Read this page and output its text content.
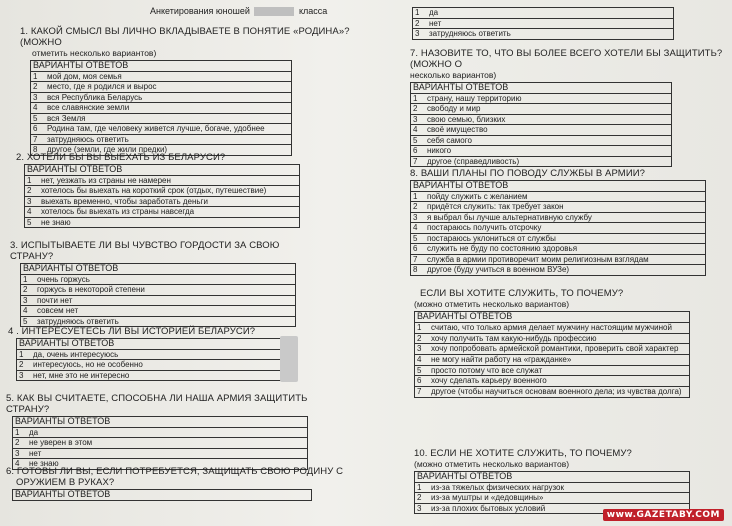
Анкетирования юношей	класса
1. КАКОЙ СМЫСЛ ВЫ ЛИЧНО ВКЛАДЫВАЕТЕ В ПОНЯТИЕ «РОДИНА»? (МОЖНО
отметить несколько вариантов)
ВАРИАНТЫ ОТВЕТОВ	
1	мой дом, моя семья
2	место, где я родился и вырос
3	вся Республика Беларусь
4	все славянские земли
5	вся Земля
6	Родина там, где человеку живется лучше, богаче, удобнее
7	затрудняюсь ответить
8	другое (земли, где жили предки)
2. ХОТЕЛИ БЫ ВЫ ВЫЕХАТЬ ИЗ БЕЛАРУСИ?
ВАРИАНТЫ ОТВЕТОВ	
1	нет, уезжать из страны не намерен
2	хотелось бы выехать на короткий срок (отдых, путешествие)
3	выехать временно, чтобы заработать деньги
4	хотелось бы выехать из страны навсегда
5	не знаю
3. ИСПЫТЫВАЕТЕ ЛИ ВЫ ЧУВСТВО ГОРДОСТИ ЗА СВОЮ СТРАНУ?
ВАРИАНТЫ ОТВЕТОВ	
1	очень горжусь
2	горжусь в некоторой степени
3	почти нет
4	совсем нет
5	затрудняюсь ответить
4 . ИНТЕРЕСУЕТЕСЬ ЛИ ВЫ ИСТОРИЕЙ БЕЛАРУСИ?
ВАРИАНТЫ ОТВЕТОВ	
1	да, очень интересуюсь
2	интересуюсь, но не особенно
3	нет, мне это не интересно
5. КАК ВЫ СЧИТАЕТЕ, СПОСОБНА ЛИ НАША АРМИЯ ЗАЩИТИТЬ СТРАНУ?
ВАРИАНТЫ ОТВЕТОВ	
1	да
2	не уверен в этом
3	нет
4	не знаю
6. ГОТОВЫ ЛИ ВЫ, ЕСЛИ ПОТРЕБУЕТСЯ, ЗАЩИЩАТЬ СВОЮ РОДИНУ С
ОРУЖИЕМ В РУКАХ?
ВАРИАНТЫ ОТВЕТОВ
1	да
2	нет
3	затрудняюсь ответить
7. НАЗОВИТЕ ТО, ЧТО ВЫ БОЛЕЕ ВСЕГО ХОТЕЛИ БЫ ЗАЩИТИТЬ?(МОЖНО О
несколько вариантов)
ВАРИАНТЫ ОТВЕТОВ	
1	страну, нашу территорию
2	свободу и мир
3	свою семью, близких
4	своё имущество
5	себя самого
6	никого
7	другое (справедливость)
8. ВАШИ ПЛАНЫ ПО ПОВОДУ СЛУЖБЫ В АРМИИ?
ВАРИАНТЫ ОТВЕТОВ	
1	пойду служить с желанием
2	придётся служить: так требует закон
3	я выбрал бы лучше альтернативную службу
4	постараюсь получить отсрочку
5	постараюсь уклониться от службы
6	служить не буду по состоянию здоровья
7	служба в армии противоречит моим религиозным взглядам
8	другое (буду учиться в военном ВУЗе)
ЕСЛИ ВЫ ХОТИТЕ СЛУЖИТЬ, ТО ПОЧЕМУ?
(можно отметить несколько вариантов)
ВАРИАНТЫ ОТВЕТОВ	
1	считаю, что только армия делает мужчину настоящим мужчиной
2	хочу получить там какую-нибудь профессию
3	хочу попробовать армейской романтики, проверить свой характер
4	не могу найти работу на «гражданке»
5	просто потому что все служат
6	хочу сделать карьеру военного
7	другое (чтобы научиться основам военного дела; из чувства долга)
10. ЕСЛИ НЕ ХОТИТЕ СЛУЖИТЬ, ТО ПОЧЕМУ?
(можно отметить несколько вариантов)
ВАРИАНТЫ ОТВЕТОВ	
1	из-за тяжелых физических нагрузок
2	из-за муштры и «дедовщины»
3	из-за плохих бытовых условий
www.GAZETABY.COM
